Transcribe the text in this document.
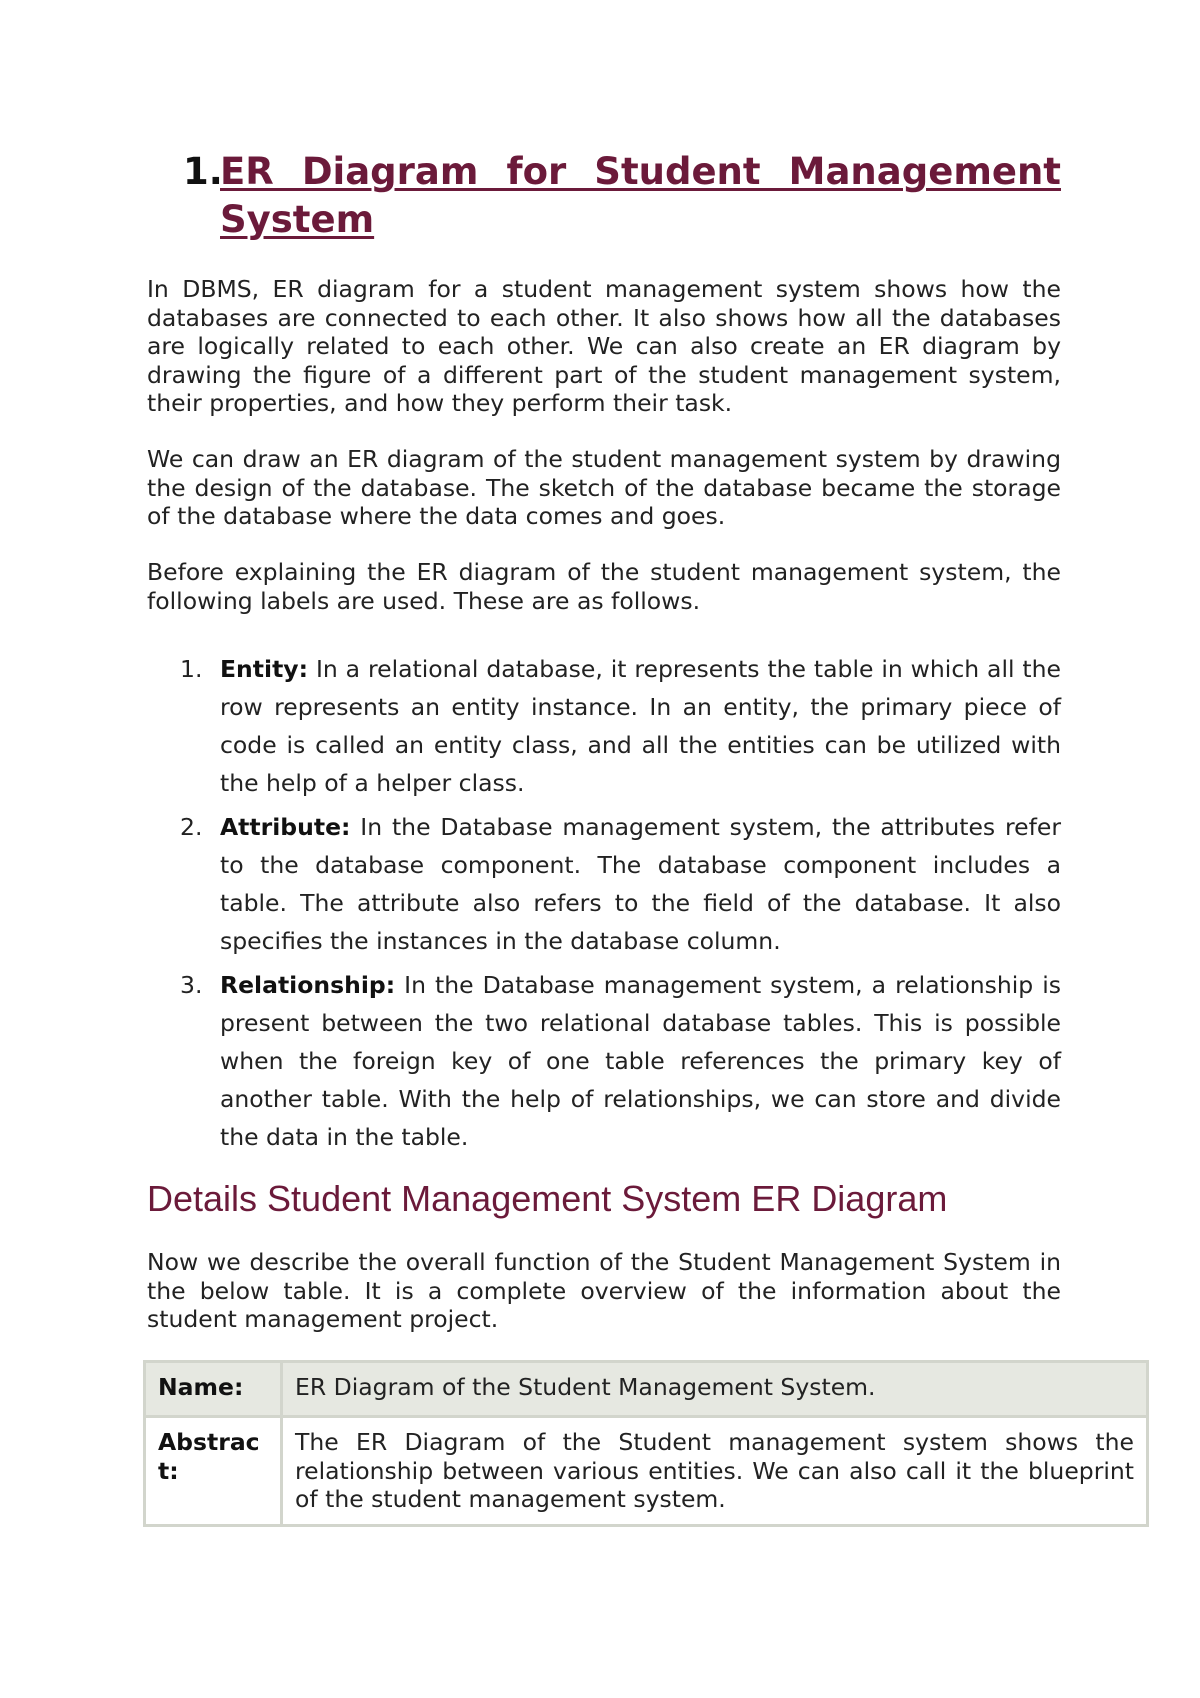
1.
ER Diagram for Student Management System

In DBMS, ER diagram for a student management system shows how the databases are connected to each other. It also shows how all the databases are logically related to each other. We can also create an ER diagram by drawing the figure of a different part of the student management system, their properties, and how they perform their task.

We can draw an ER diagram of the student management system by drawing the design of the database. The sketch of the database became the storage of the database where the data comes and goes.

Before explaining the ER diagram of the student management system, the following labels are used. These are as follows.

1. Entity: In a relational database, it represents the table in which all the row represents an entity instance. In an entity, the primary piece of code is called an entity class, and all the entities can be utilized with the help of a helper class.
2. Attribute: In the Database management system, the attributes refer to the database component. The database component includes a table. The attribute also refers to the field of the database. It also specifies the instances in the database column.
3. Relationship: In the Database management system, a relationship is present between the two relational database tables. This is possible when the foreign key of one table references the primary key of another table. With the help of relationships, we can store and divide the data in the table.
Details Student Management System ER Diagram

Now we describe the overall function of the Student Management System in the below table. It is a complete overview of the information about the student management project.

Name:	ER Diagram of the Student Management System.
Abstract:	The ER Diagram of the Student management system shows the relationship between various entities. We can also call it the blueprint of the student management system.
